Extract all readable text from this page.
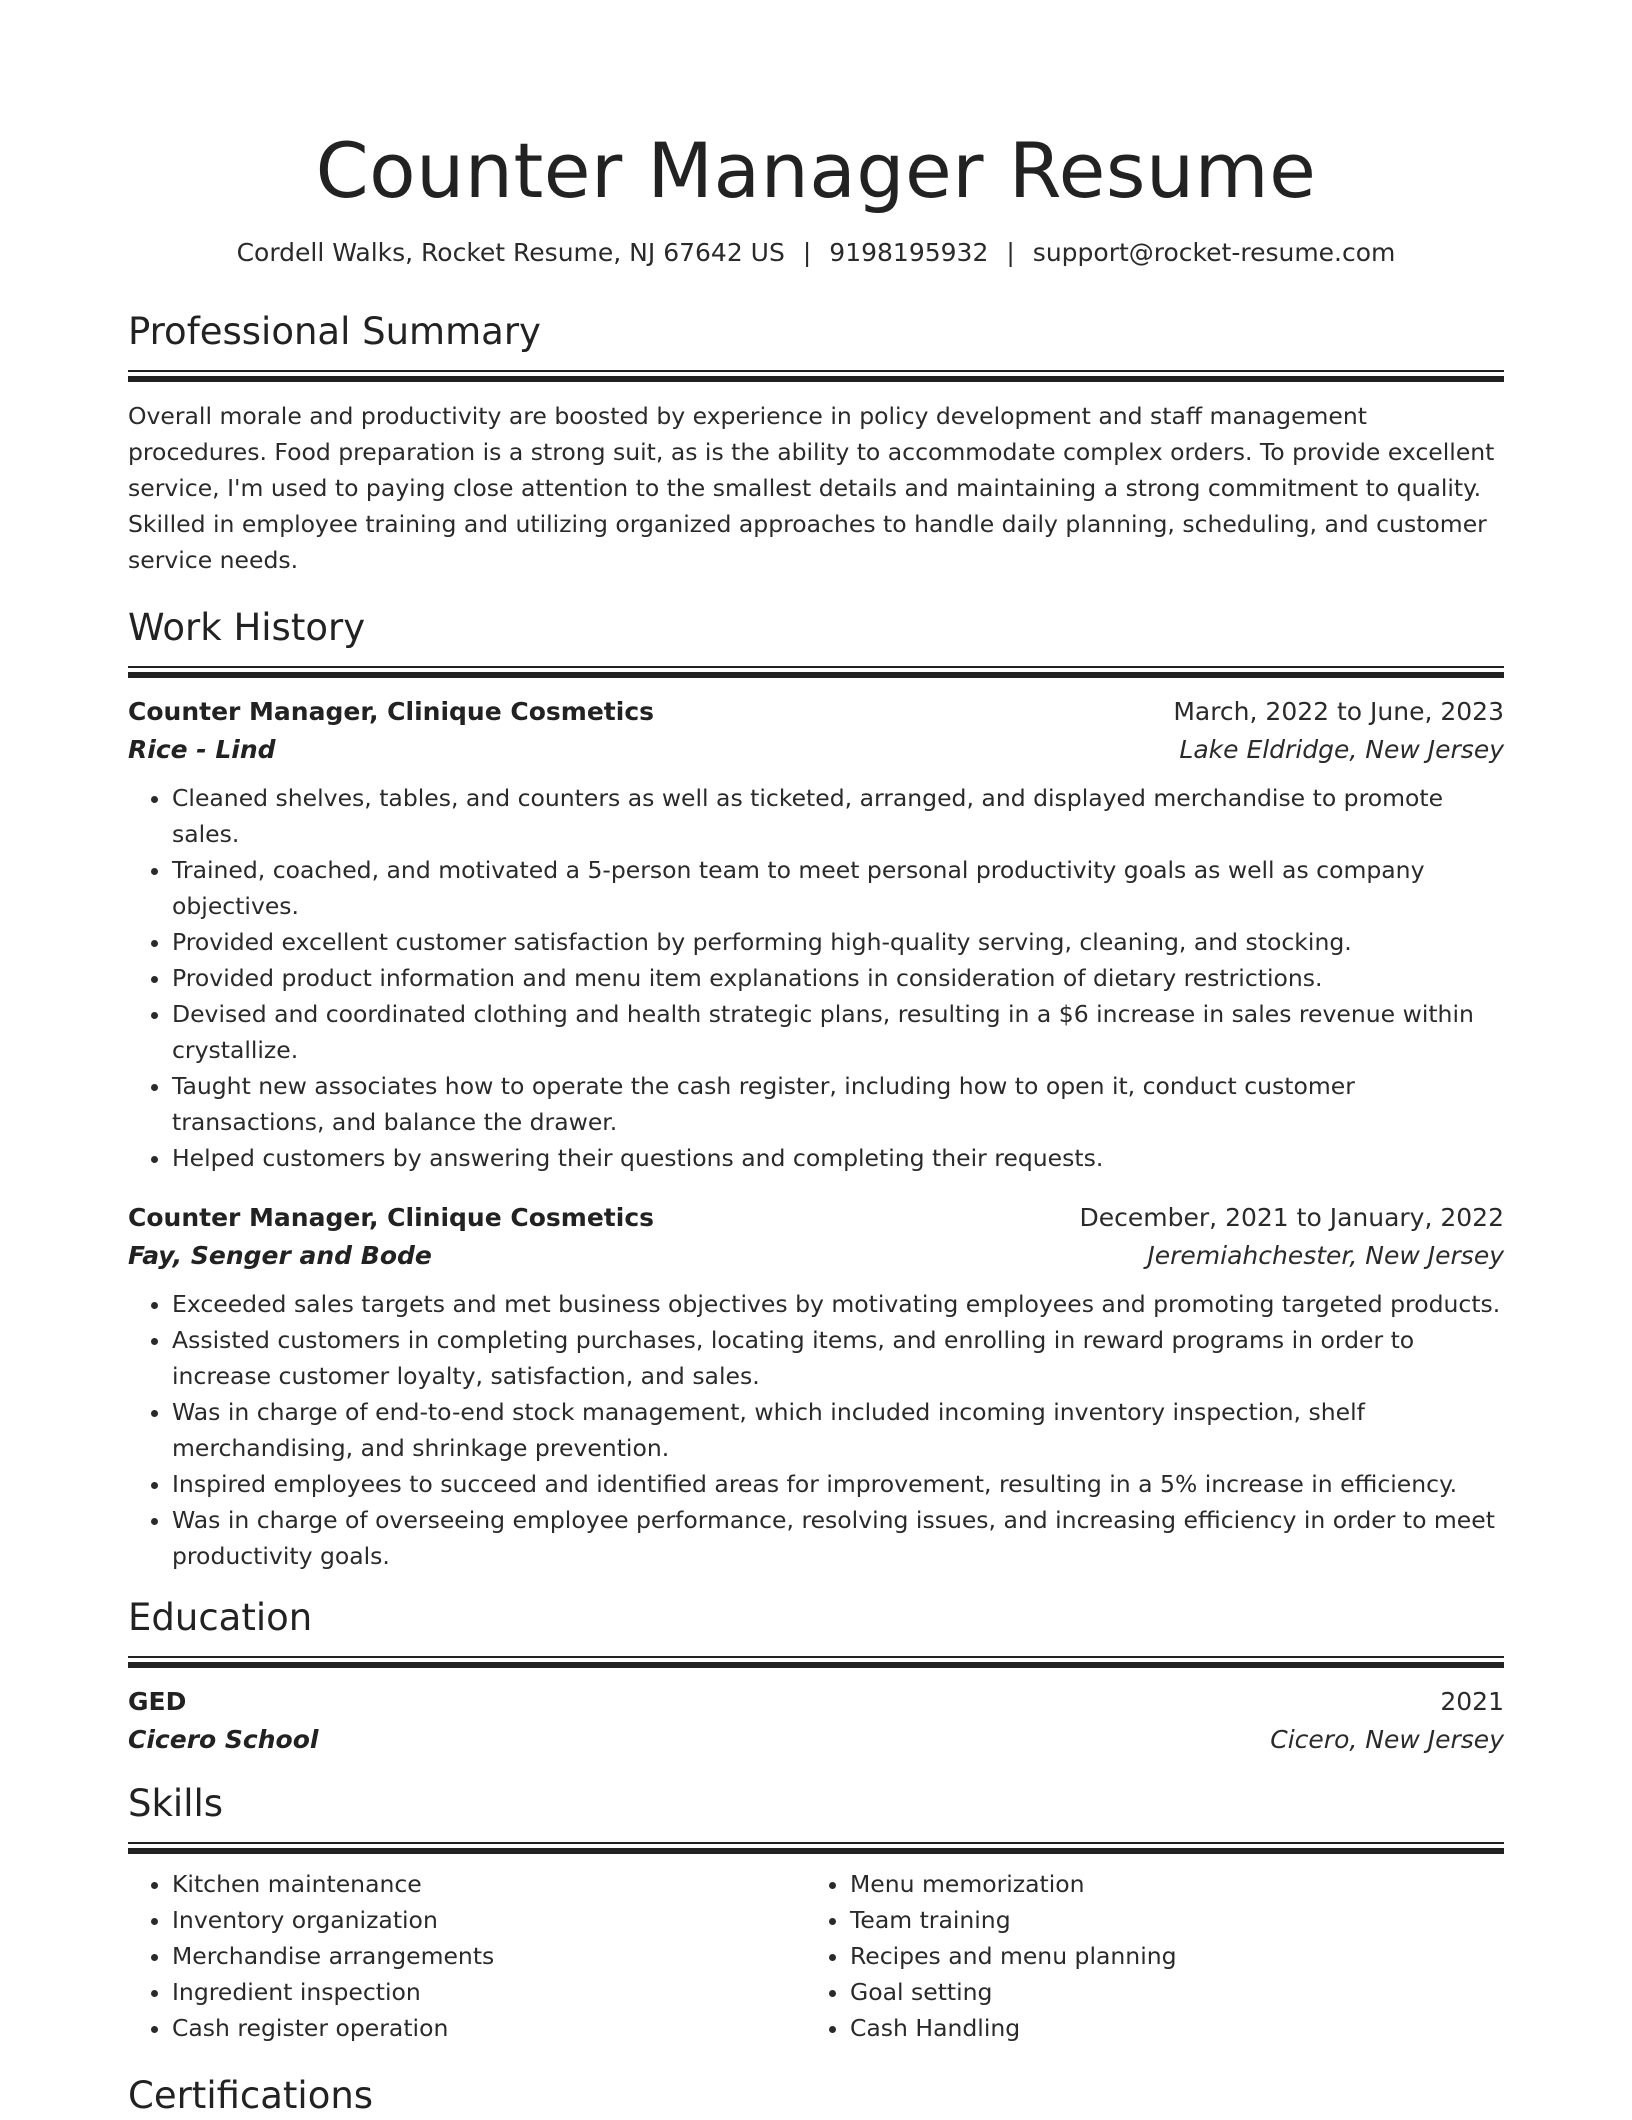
Counter Manager Resume
Cordell Walks, Rocket Resume, NJ 67642 US | 9198195932 | support@rocket-resume.com
Professional Summary

Overall morale and productivity are boosted by experience in policy development and staff management procedures. Food preparation is a strong suit, as is the ability to accommodate complex orders. To provide excellent service, I'm used to paying close attention to the smallest details and maintaining a strong commitment to quality. Skilled in employee training and utilizing organized approaches to handle daily planning, scheduling, and customer service needs.

Work History
Counter Manager, Clinique Cosmetics	March, 2022 to June, 2023
Rice - Lind	Lake Eldridge, New Jersey
• Cleaned shelves, tables, and counters as well as ticketed, arranged, and displayed merchandise to promote sales.
• Trained, coached, and motivated a 5-person team to meet personal productivity goals as well as company objectives.
• Provided excellent customer satisfaction by performing high-quality serving, cleaning, and stocking.
• Provided product information and menu item explanations in consideration of dietary restrictions.
• Devised and coordinated clothing and health strategic plans, resulting in a $6 increase in sales revenue within crystallize.
• Taught new associates how to operate the cash register, including how to open it, conduct customer transactions, and balance the drawer.
• Helped customers by answering their questions and completing their requests.
Counter Manager, Clinique Cosmetics	December, 2021 to January, 2022
Fay, Senger and Bode	Jeremiahchester, New Jersey
• Exceeded sales targets and met business objectives by motivating employees and promoting targeted products.
• Assisted customers in completing purchases, locating items, and enrolling in reward programs in order to increase customer loyalty, satisfaction, and sales.
• Was in charge of end-to-end stock management, which included incoming inventory inspection, shelf merchandising, and shrinkage prevention.
• Inspired employees to succeed and identified areas for improvement, resulting in a 5% increase in efficiency.
• Was in charge of overseeing employee performance, resolving issues, and increasing efficiency in order to meet productivity goals.
Education
GED	2021
Cicero School	Cicero, New Jersey
Skills
• Kitchen maintenance
• Inventory organization
• Merchandise arrangements
• Ingredient inspection
• Cash register operation
• Menu memorization
• Team training
• Recipes and menu planning
• Goal setting
• Cash Handling
Certifications
